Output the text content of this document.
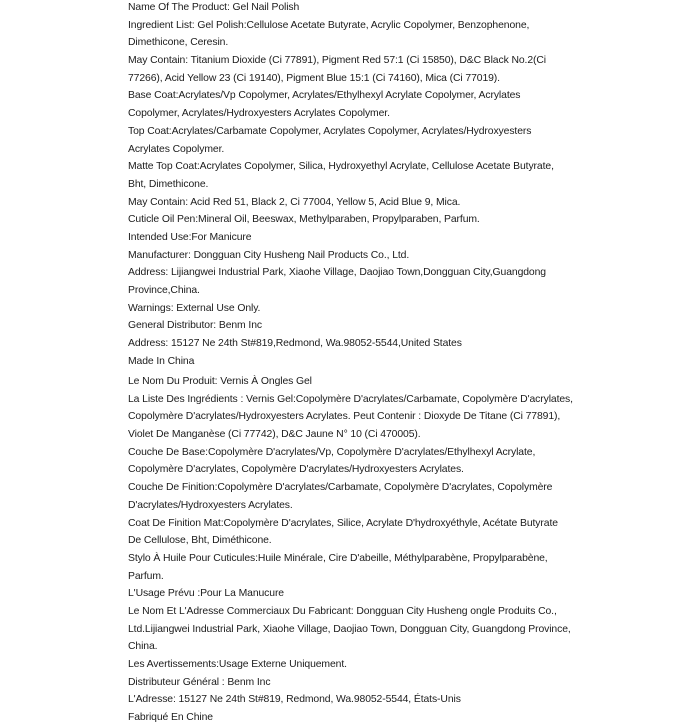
Name Of The Product: Gel Nail Polish
Ingredient List: Gel Polish:Cellulose Acetate Butyrate, Acrylic Copolymer, Benzophenone,
Dimethicone, Ceresin.
May Contain: Titanium Dioxide (Ci 77891), Pigment Red 57:1 (Ci 15850), D&C Black No.2(Ci
77266), Acid Yellow 23 (Ci 19140), Pigment Blue 15:1 (Ci 74160), Mica (Ci 77019).
Base Coat:Acrylates/Vp Copolymer, Acrylates/Ethylhexyl Acrylate Copolymer, Acrylates
Copolymer, Acrylates/Hydroxyesters Acrylates Copolymer.
Top Coat:Acrylates/Carbamate Copolymer, Acrylates Copolymer, Acrylates/Hydroxyesters
Acrylates Copolymer.
Matte Top Coat:Acrylates Copolymer, Silica, Hydroxyethyl Acrylate, Cellulose Acetate Butyrate,
Bht, Dimethicone.
May Contain: Acid Red 51, Black 2, Ci 77004, Yellow 5, Acid Blue 9, Mica.
Cuticle Oil Pen:Mineral Oil, Beeswax, Methylparaben, Propylparaben, Parfum.
Intended Use:For Manicure
Manufacturer: Dongguan City Husheng Nail Products Co., Ltd.
Address: Lijiangwei Industrial Park, Xiaohe Village, Daojiao Town,Dongguan City,Guangdong
Province,China.
Warnings: External Use Only.
General Distributor: Benm Inc
Address: 15127 Ne 24th St#819,Redmond, Wa.98052-5544,United States
Made In China
Le Nom Du Produit: Vernis À Ongles Gel
La Liste Des Ingrédients : Vernis Gel:Copolymère D'acrylates/Carbamate, Copolymère D'acrylates,
Copolymère D'acrylates/Hydroxyesters Acrylates. Peut Contenir : Dioxyde De Titane (Ci 77891),
Violet De Manganèse (Ci 77742), D&C Jaune N° 10 (Ci 470005).
Couche De Base:Copolymère D'acrylates/Vp, Copolymère D'acrylates/Ethylhexyl Acrylate,
Copolymère D'acrylates, Copolymère D'acrylates/Hydroxyesters Acrylates.
Couche De Finition:Copolymère D'acrylates/Carbamate, Copolymère D'acrylates, Copolymère
D'acrylates/Hydroxyesters Acrylates.
Coat De Finition Mat:Copolymère D'acrylates, Silice, Acrylate D'hydroxyéthyle, Acétate Butyrate
De Cellulose, Bht, Diméthicone.
Stylo À Huile Pour Cuticules:Huile Minérale, Cire D'abeille, Méthylparabène, Propylparabène,
Parfum.
L'Usage Prévu :Pour La Manucure
Le Nom Et L'Adresse Commerciaux Du Fabricant: Dongguan City Husheng ongle Produits Co.,
Ltd.Lijiangwei Industrial Park, Xiaohe Village, Daojiao Town, Dongguan City, Guangdong Province,
China.
Les Avertissements:Usage Externe Uniquement.
Distributeur Général : Benm Inc
L'Adresse: 15127 Ne 24th St#819, Redmond, Wa.98052-5544, États-Unis
Fabriqué En Chine
